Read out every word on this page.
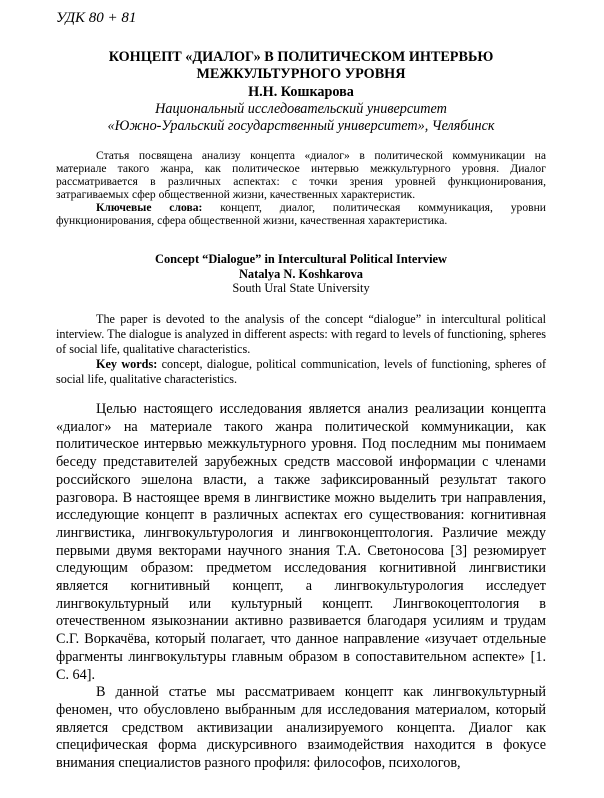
УДК 80 + 81
КОНЦЕПТ «ДИАЛОГ» В ПОЛИТИЧЕСКОМ ИНТЕРВЬЮ
МЕЖКУЛЬТУРНОГО УРОВНЯ
Н.Н. Кошкарова
Национальный исследовательский университет
«Южно-Уральский государственный университет», Челябинск

Статья посвящена анализу концепта «диалог» в политической коммуникации на материале такого жанра, как политическое интервью межкультурного уровня. Диалог рассматривается в различных аспектах: с точки зрения уровней функционирования, затрагиваемых сфер общественной жизни, качественных характеристик.

Ключевые слова: концепт, диалог, политическая коммуникация, уровни функционирования, сфера общественной жизни, качественная характеристика.

Concept “Dialogue” in Intercultural Political Interview
Natalya N. Koshkarova
South Ural State University

The paper is devoted to the analysis of the concept “dialogue” in intercultural political interview. The dialogue is analyzed in different aspects: with regard to levels of functioning, spheres of social life, qualitative characteristics.

Key words: concept, dialogue, political communication, levels of functioning, spheres of social life, qualitative characteristics.

Целью настоящего исследования является анализ реализации концепта «диалог» на материале такого жанра политической коммуникации, как политическое интервью межкультурного уровня. Под последним мы понимаем беседу представителей зарубежных средств массовой информации с членами российского эшелона власти, а также зафиксированный результат такого разговора. В настоящее время в лингвистике можно выделить три направления, исследующие концепт в различных аспектах его существования: когнитивная лингвистика, лингвокультурология и лингвоконцептология. Различие между первыми двумя векторами научного знания Т.А. Светоносова [3] резюмирует следующим образом: предметом исследования когнитивной лингвистики является когнитивный концепт, а лингвокультурология исследует лингвокультурный или культурный концепт. Лингвокоцептология в отечественном языкознании активно развивается благодаря усилиям и трудам С.Г. Воркачёва, который полагает, что данное направление «изучает отдельные фрагменты лингвокультуры главным образом в сопоставительном аспекте» [1. С. 64].

В данной статье мы рассматриваем концепт как лингвокультурный феномен, что обусловлено выбранным для исследования материалом, который является средством активизации анализируемого концепта. Диалог как специфическая форма дискурсивного взаимодействия находится в фокусе внимания специалистов разного профиля: философов, психологов,
